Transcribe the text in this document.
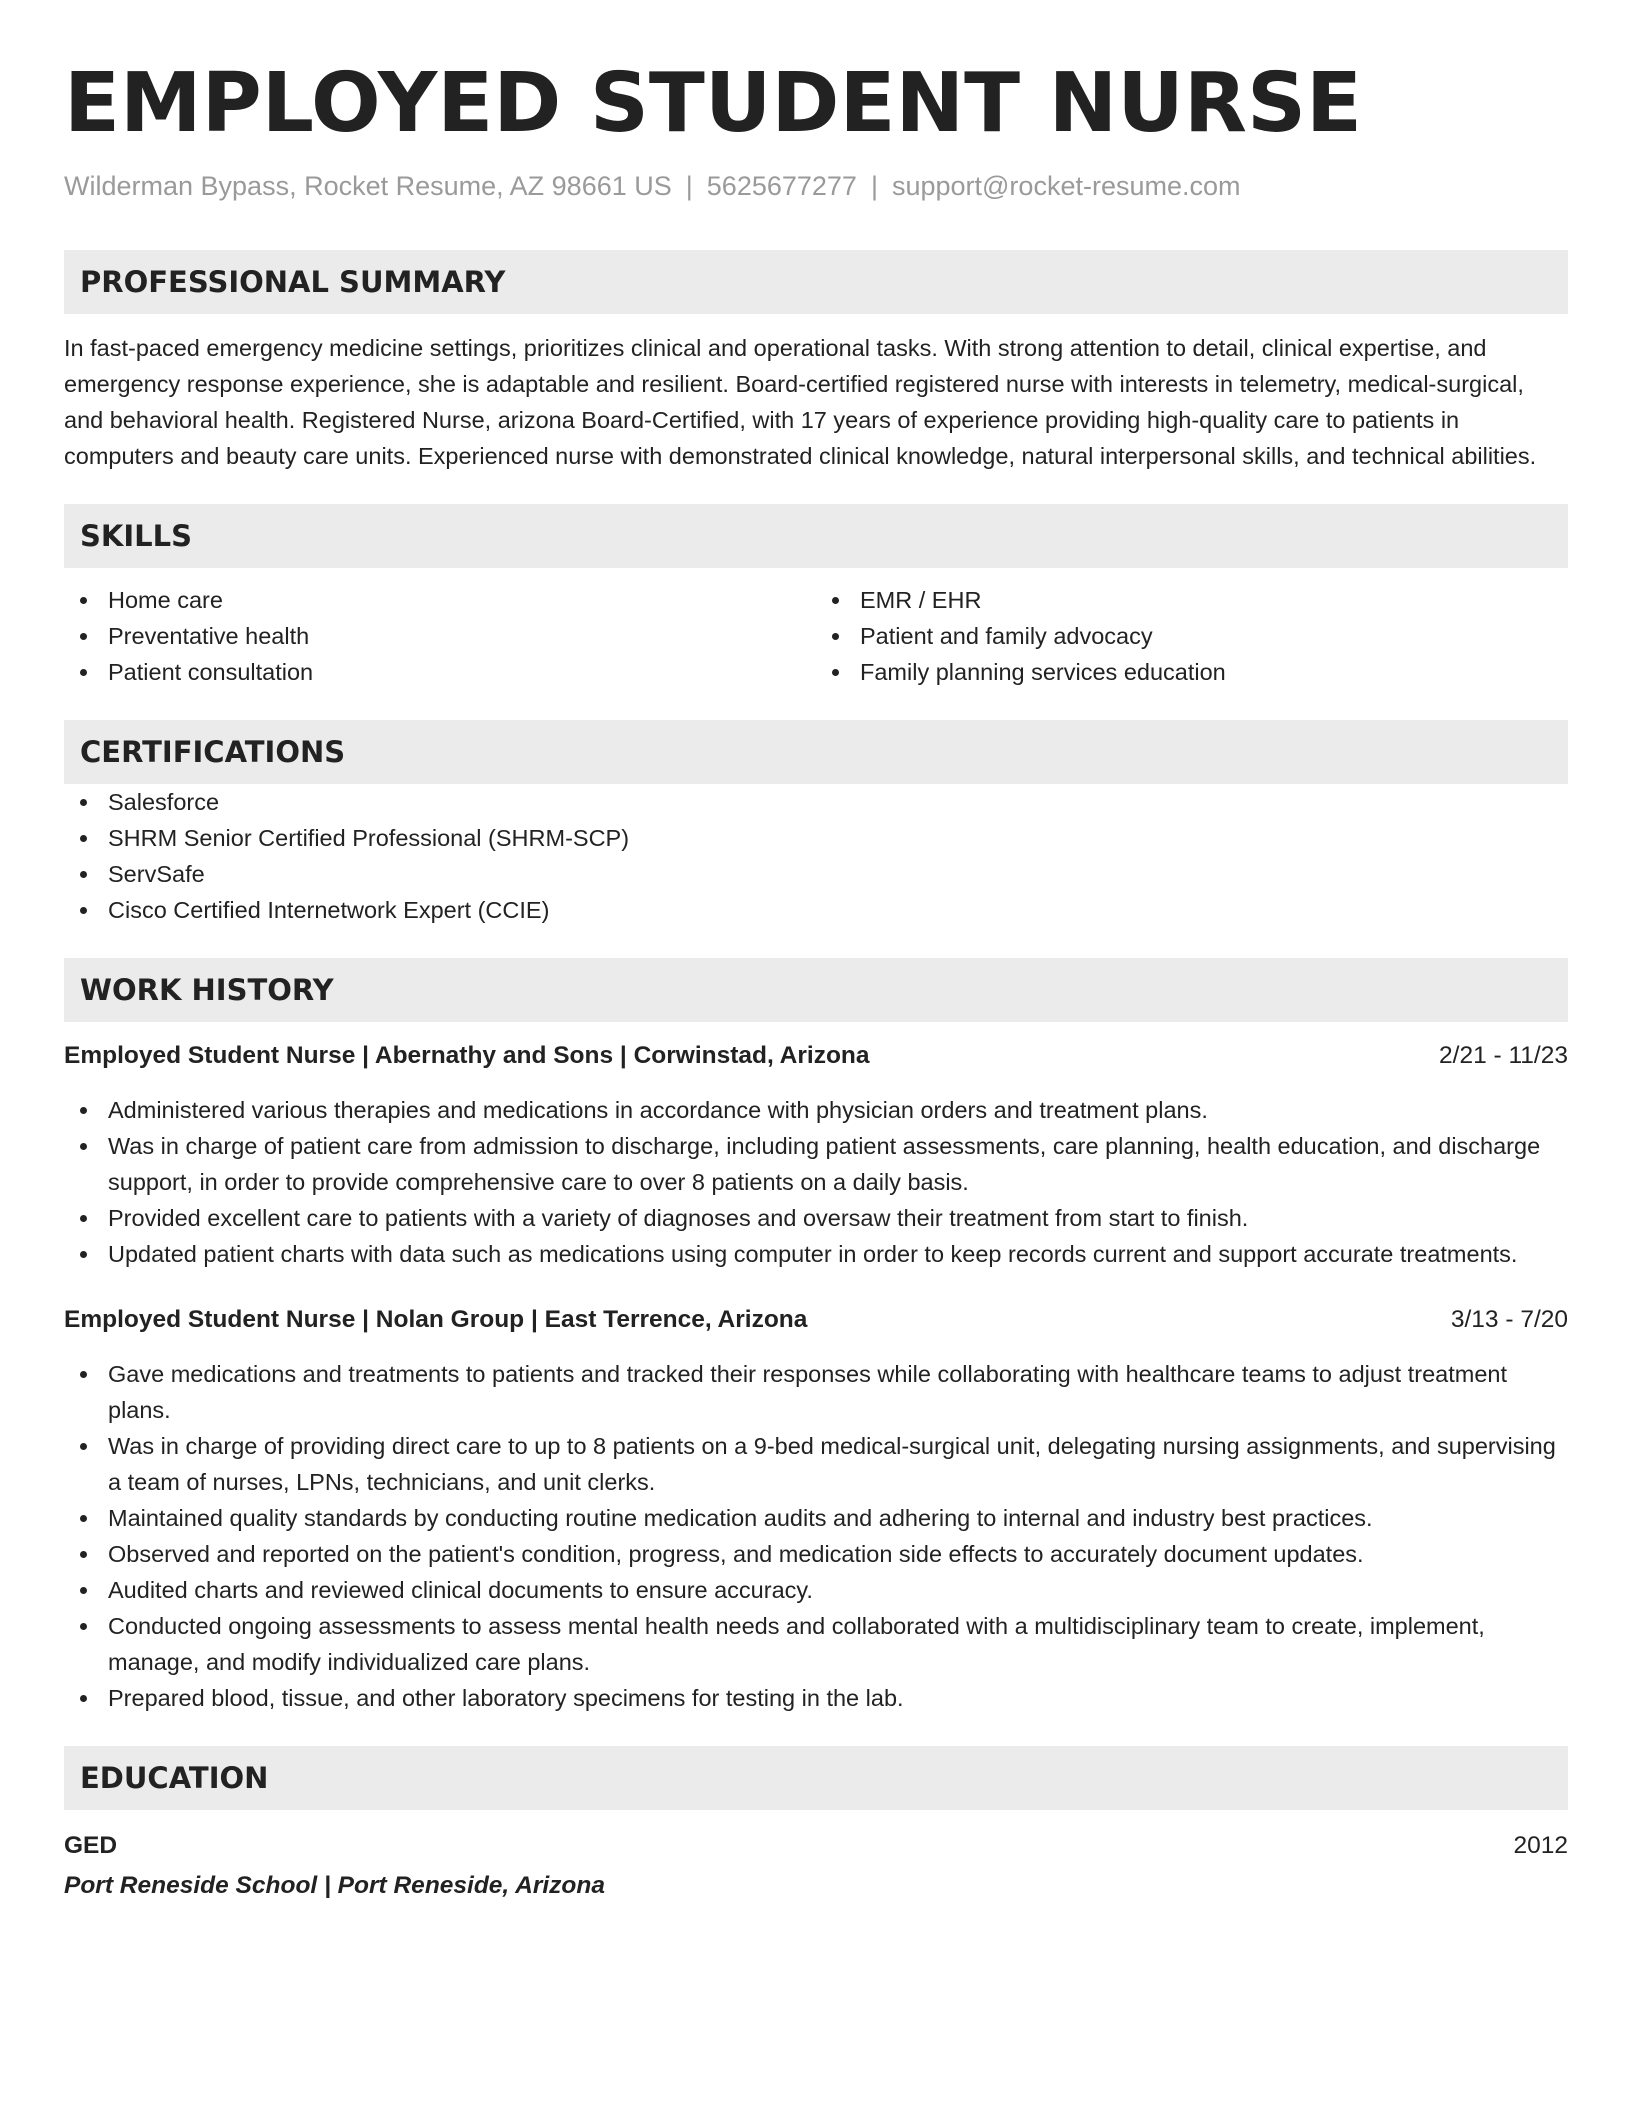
EMPLOYED STUDENT NURSE
Wilderman Bypass, Rocket Resume, AZ 98661 US | 5625677277 | support@rocket-resume.com
PROFESSIONAL SUMMARY
In fast-paced emergency medicine settings, prioritizes clinical and operational tasks. With strong attention to detail, clinical expertise, and emergency response experience, she is adaptable and resilient. Board-certified registered nurse with interests in telemetry, medical-surgical, and behavioral health. Registered Nurse, arizona Board-Certified, with 17 years of experience providing high-quality care to patients in computers and beauty care units. Experienced nurse with demonstrated clinical knowledge, natural interpersonal skills, and technical abilities.
SKILLS
Home care
Preventative health
Patient consultation
EMR / EHR
Patient and family advocacy
Family planning services education
CERTIFICATIONS
Salesforce
SHRM Senior Certified Professional (SHRM-SCP)
ServSafe
Cisco Certified Internetwork Expert (CCIE)
WORK HISTORY
Employed Student Nurse | Abernathy and Sons | Corwinstad, Arizona	2/21 - 11/23
Administered various therapies and medications in accordance with physician orders and treatment plans.
Was in charge of patient care from admission to discharge, including patient assessments, care planning, health education, and discharge support, in order to provide comprehensive care to over 8 patients on a daily basis.
Provided excellent care to patients with a variety of diagnoses and oversaw their treatment from start to finish.
Updated patient charts with data such as medications using computer in order to keep records current and support accurate treatments.
Employed Student Nurse | Nolan Group | East Terrence, Arizona	3/13 - 7/20
Gave medications and treatments to patients and tracked their responses while collaborating with healthcare teams to adjust treatment plans.
Was in charge of providing direct care to up to 8 patients on a 9-bed medical-surgical unit, delegating nursing assignments, and supervising a team of nurses, LPNs, technicians, and unit clerks.
Maintained quality standards by conducting routine medication audits and adhering to internal and industry best practices.
Observed and reported on the patient's condition, progress, and medication side effects to accurately document updates.
Audited charts and reviewed clinical documents to ensure accuracy.
Conducted ongoing assessments to assess mental health needs and collaborated with a multidisciplinary team to create, implement, manage, and modify individualized care plans.
Prepared blood, tissue, and other laboratory specimens for testing in the lab.
EDUCATION
GED	2012
Port Reneside School | Port Reneside, Arizona
